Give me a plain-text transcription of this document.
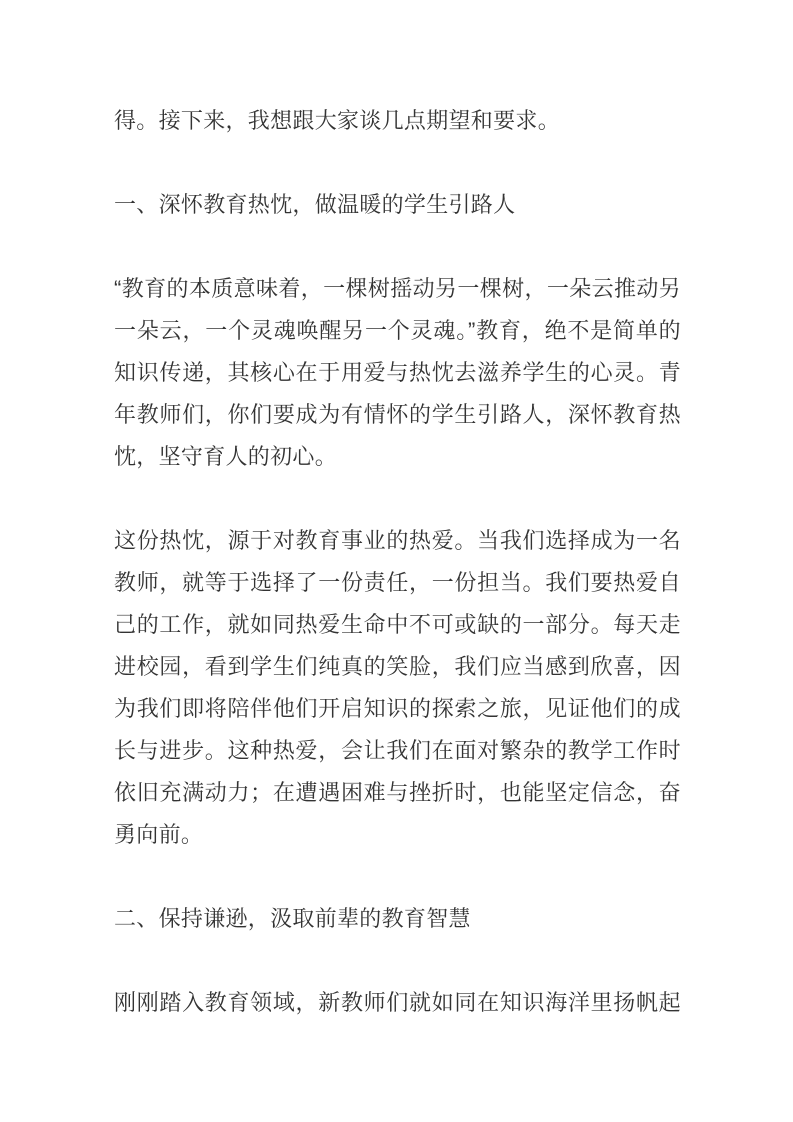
得。接下来，我想跟大家谈几点期望和要求。
一、深怀教育热忱，做温暖的学生引路人
“教育的本质意味着，一棵树摇动另一棵树，一朵云推动另
一朵云，一个灵魂唤醒另一个灵魂。”教育，绝不是简单的
知识传递，其核心在于用爱与热忱去滋养学生的心灵。青
年教师们，你们要成为有情怀的学生引路人，深怀教育热
忱，坚守育人的初心。
这份热忱，源于对教育事业的热爱。当我们选择成为一名
教师，就等于选择了一份责任，一份担当。我们要热爱自
己的工作，就如同热爱生命中不可或缺的一部分。每天走
进校园，看到学生们纯真的笑脸，我们应当感到欣喜，因
为我们即将陪伴他们开启知识的探索之旅，见证他们的成
长与进步。这种热爱，会让我们在面对繁杂的教学工作时
依旧充满动力；在遭遇困难与挫折时，也能坚定信念，奋
勇向前。
二、保持谦逊，汲取前辈的教育智慧
刚刚踏入教育领域，新教师们就如同在知识海洋里扬帆起
